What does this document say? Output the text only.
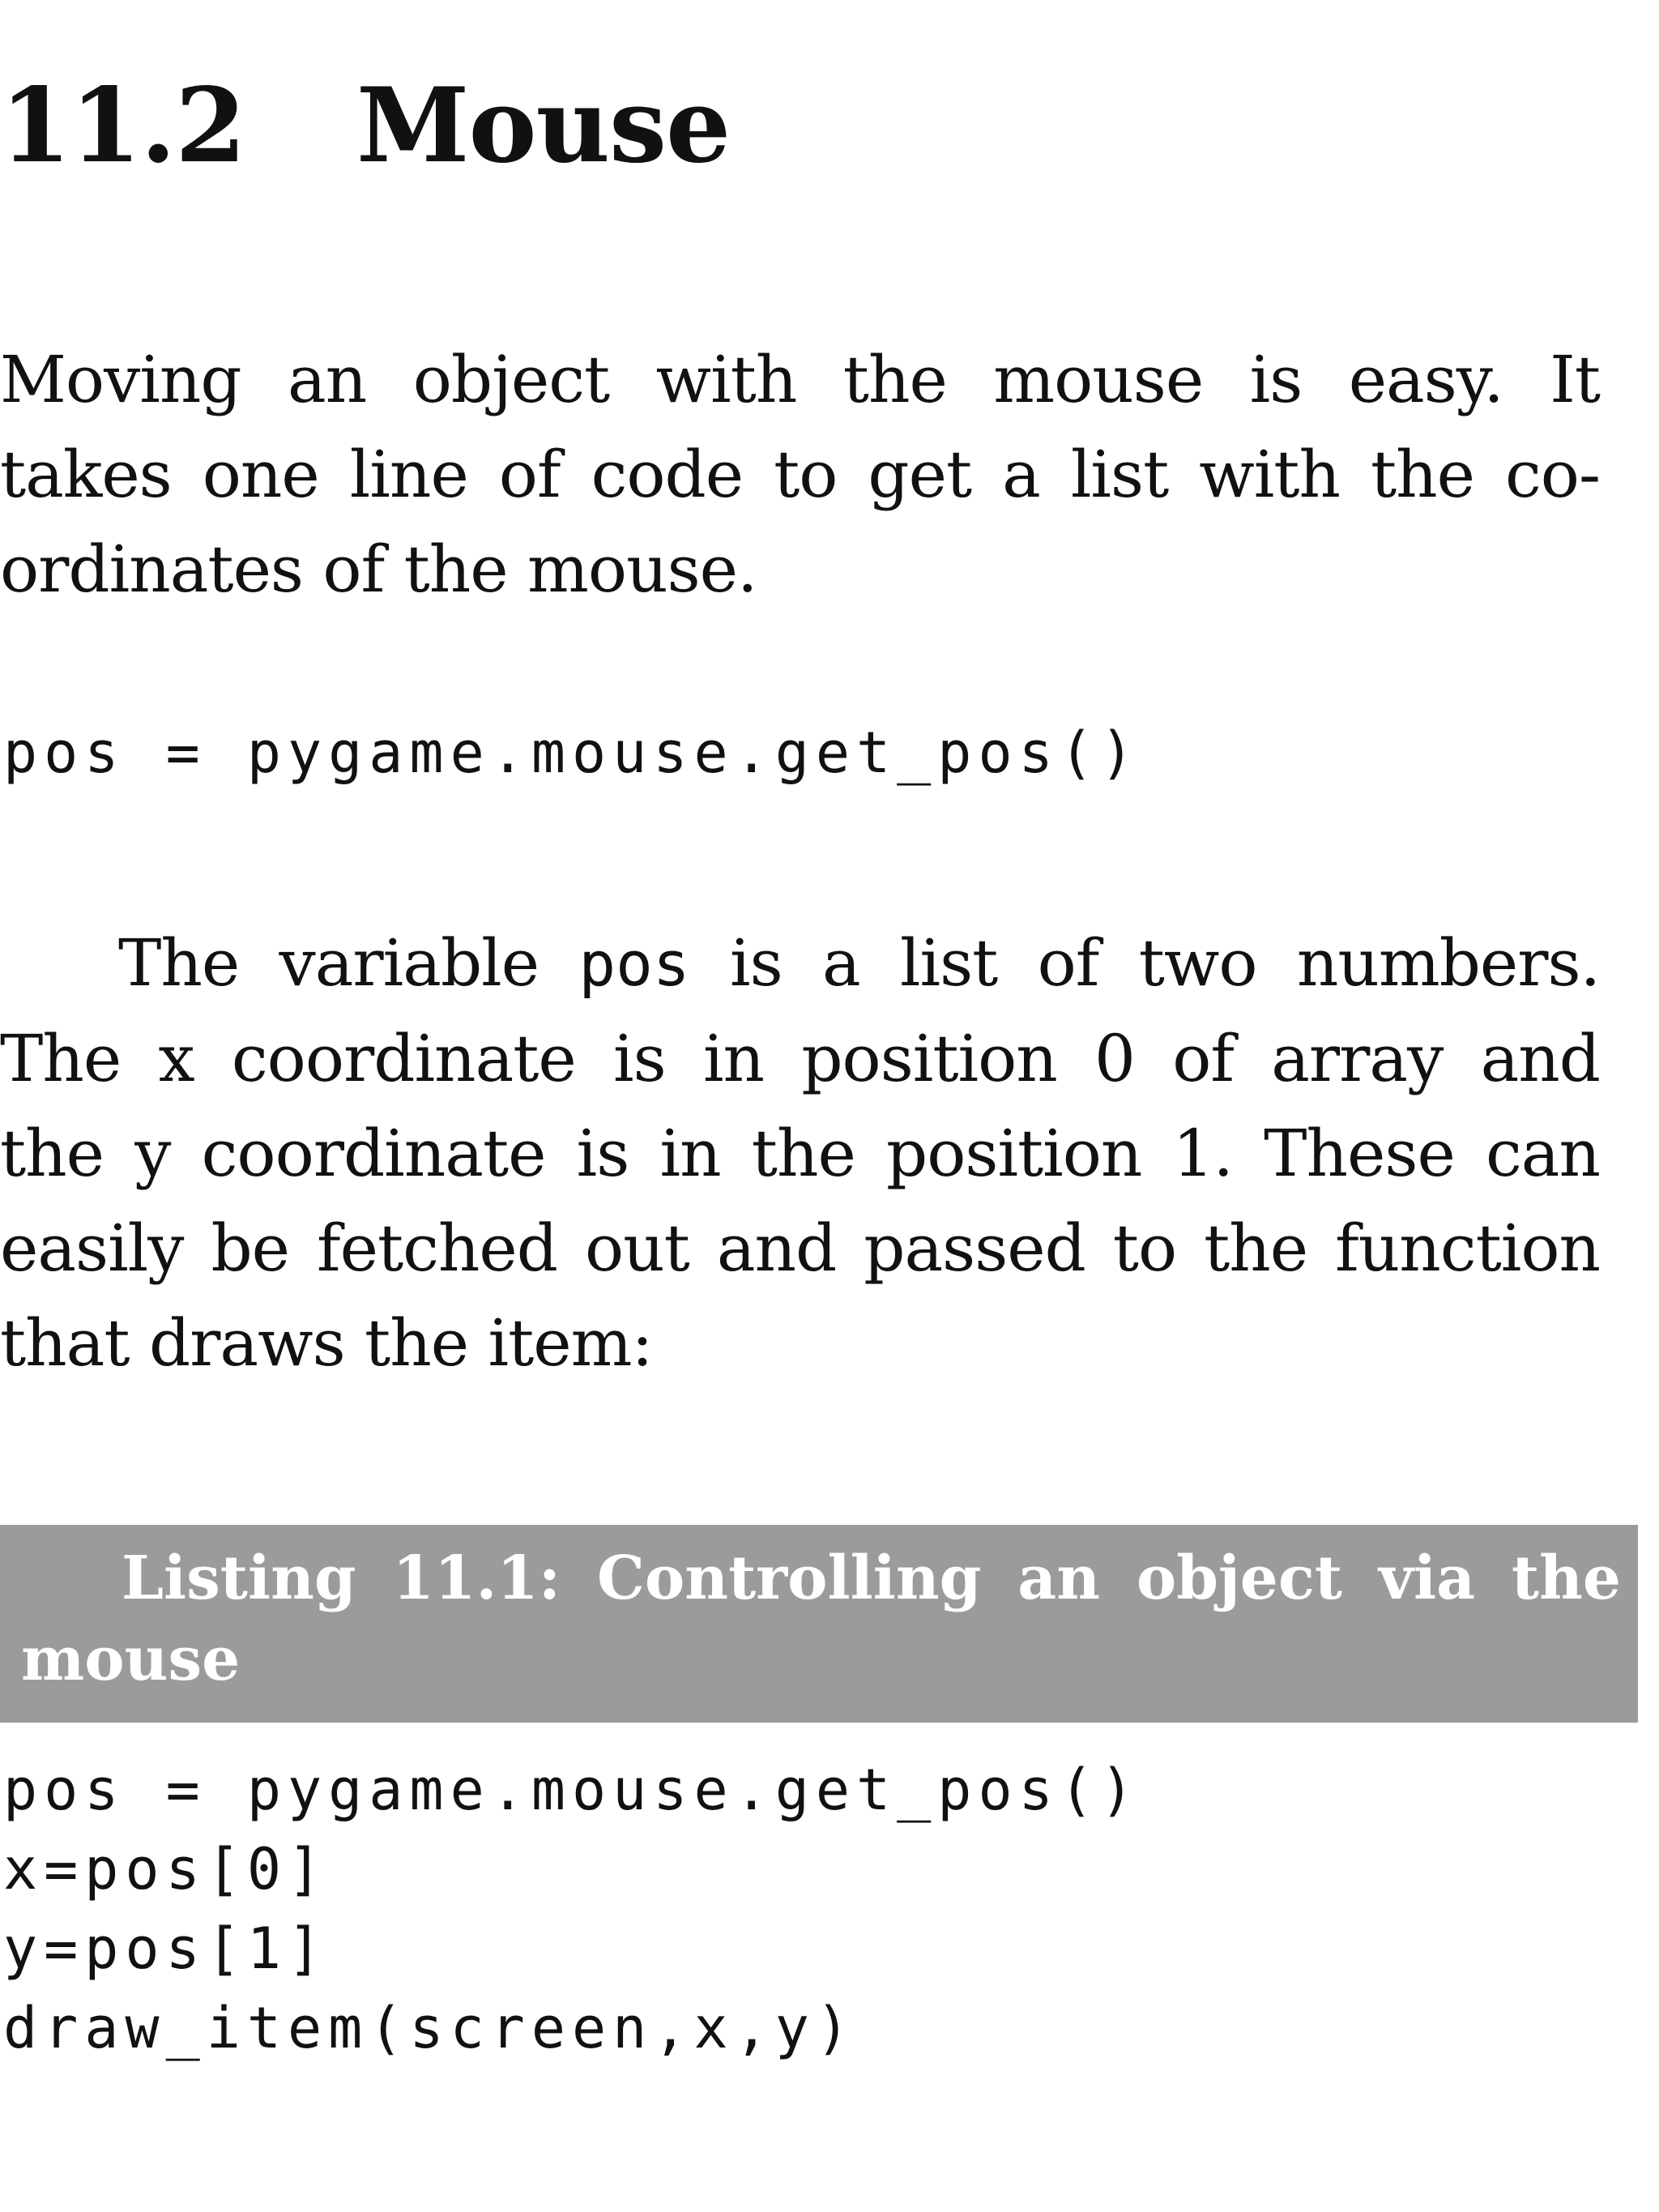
11.2 Mouse

Moving an object with the mouse is easy. It
takes one line of code to get a list with the co-
ordinates of the mouse.

pos = pygame.mouse.get_pos()

The variable pos is a list of two numbers.
The x coordinate is in position 0 of array and
the y coordinate is in the position 1. These can
easily be fetched out and passed to the function
that draws the item:

Listing 11.1: Controlling an object via the
mouse

pos = pygame.mouse.get_pos()
x=pos[0]
y=pos[1]
draw_item(screen,x,y)
